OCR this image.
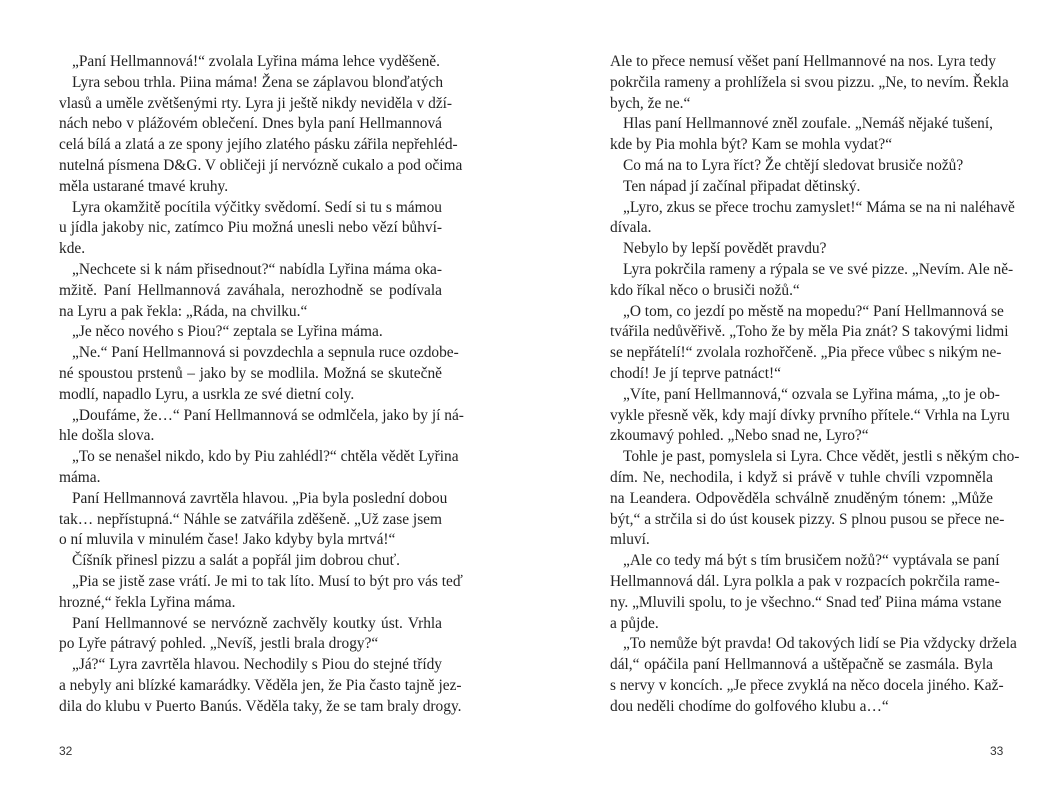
„Paní Hellmannová!“ zvolala Lyřina máma lehce vyděšeně.
Lyra sebou trhla. Piina máma! Žena se záplavou blonďatých
vlasů a uměle zvětšenými rty. Lyra ji ještě nikdy neviděla v dží-
nách nebo v plážovém oblečení. Dnes byla paní Hellmannová
celá bílá a zlatá a ze spony jejího zlatého pásku zářila nepřehléd-
nutelná písmena D&G. V obličeji jí nervózně cukalo a pod očima
měla ustarané tmavé kruhy.
Lyra okamžitě pocítila výčitky svědomí. Sedí si tu s mámou
u jídla jakoby nic, zatímco Piu možná unesli nebo vězí bůhví-
kde.
„Nechcete si k nám přisednout?“ nabídla Lyřina máma oka-
mžitě. Paní Hellmannová zaváhala, nerozhodně se podívala
na Lyru a pak řekla: „Ráda, na chvilku.“
„Je něco nového s Piou?“ zeptala se Lyřina máma.
„Ne.“ Paní Hellmannová si povzdechla a sepnula ruce ozdobe-
né spoustou prstenů – jako by se modlila. Možná se skutečně
modlí, napadlo Lyru, a usrkla ze své dietní coly.
„Doufáme, že…“ Paní Hellmannová se odmlčela, jako by jí ná-
hle došla slova.
„To se nenašel nikdo, kdo by Piu zahlédl?“ chtěla vědět Lyřina
máma.
Paní Hellmannová zavrtěla hlavou. „Pia byla poslední dobou
tak… nepřístupná.“ Náhle se zatvářila zděšeně. „Už zase jsem
o ní mluvila v minulém čase! Jako kdyby byla mrtvá!“
Číšník přinesl pizzu a salát a popřál jim dobrou chuť.
„Pia se jistě zase vrátí. Je mi to tak líto. Musí to být pro vás teď
hrozné,“ řekla Lyřina máma.
Paní Hellmannové se nervózně zachvěly koutky úst. Vrhla
po Lyře pátravý pohled. „Nevíš, jestli brala drogy?“
„Já?“ Lyra zavrtěla hlavou. Nechodily s Piou do stejné třídy
a nebyly ani blízké kamarádky. Věděla jen, že Pia často tajně jez-
dila do klubu v Puerto Banús. Věděla taky, že se tam braly drogy.
Ale to přece nemusí věšet paní Hellmannové na nos. Lyra tedy
pokrčila rameny a prohlížela si svou pizzu. „Ne, to nevím. Řekla
bych, že ne.“
Hlas paní Hellmannové zněl zoufale. „Nemáš nějaké tušení,
kde by Pia mohla být? Kam se mohla vydat?“
Co má na to Lyra říct? Že chtějí sledovat brusiče nožů?
Ten nápad jí začínal připadat dětinský.
„Lyro, zkus se přece trochu zamyslet!“ Máma se na ni naléhavě
dívala.
Nebylo by lepší povědět pravdu?
Lyra pokrčila rameny a rýpala se ve své pizze. „Nevím. Ale ně-
kdo říkal něco o brusiči nožů.“
„O tom, co jezdí po městě na mopedu?“ Paní Hellmannová se
tvářila nedůvěřivě. „Toho že by měla Pia znát? S takovými lidmi
se nepřátelí!“ zvolala rozhořčeně. „Pia přece vůbec s nikým ne-
chodí! Je jí teprve patnáct!“
„Víte, paní Hellmannová,“ ozvala se Lyřina máma, „to je ob-
vykle přesně věk, kdy mají dívky prvního přítele.“ Vrhla na Lyru
zkoumavý pohled. „Nebo snad ne, Lyro?“
Tohle je past, pomyslela si Lyra. Chce vědět, jestli s někým cho-
dím. Ne, nechodila, i když si právě v tuhle chvíli vzpomněla
na Leandera. Odpověděla schválně znuděným tónem: „Může
být,“ a strčila si do úst kousek pizzy. S plnou pusou se přece ne-
mluví.
„Ale co tedy má být s tím brusičem nožů?“ vyptávala se paní
Hellmannová dál. Lyra polkla a pak v rozpacích pokrčila rame-
ny. „Mluvili spolu, to je všechno.“ Snad teď Piina máma vstane
a půjde.
„To nemůže být pravda! Od takových lidí se Pia vždycky držela
dál,“ opáčila paní Hellmannová a uštěpačně se zasmála. Byla
s nervy v koncích. „Je přece zvyklá na něco docela jiného. Kaž-
dou neděli chodíme do golfového klubu a…“
32	33
